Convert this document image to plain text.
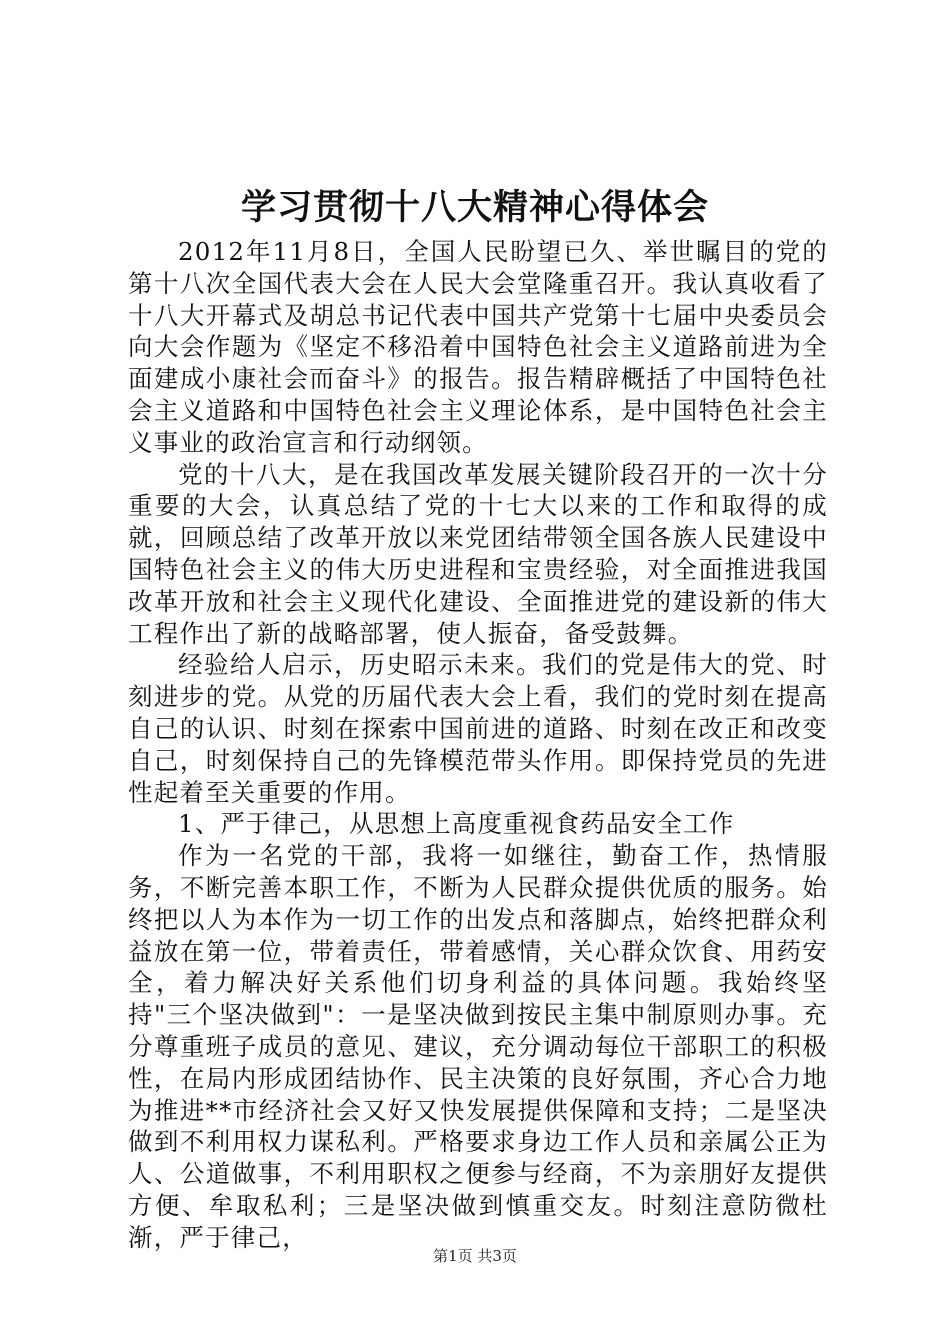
学习贯彻十八大精神心得体会

2012年11月8日，全国人民盼望已久、举世瞩目的党的第十八次全国代表大会在人民大会堂隆重召开。我认真收看了十八大开幕式及胡总书记代表中国共产党第十七届中央委员会向大会作题为《坚定不移沿着中国特色社会主义道路前进为全面建成小康社会而奋斗》的报告。报告精辟概括了中国特色社会主义道路和中国特色社会主义理论体系，是中国特色社会主义事业的政治宣言和行动纲领。

党的十八大，是在我国改革发展关键阶段召开的一次十分重要的大会，认真总结了党的十七大以来的工作和取得的成就，回顾总结了改革开放以来党团结带领全国各族人民建设中国特色社会主义的伟大历史进程和宝贵经验，对全面推进我国改革开放和社会主义现代化建设、全面推进党的建设新的伟大工程作出了新的战略部署，使人振奋，备受鼓舞。

经验给人启示，历史昭示未来。我们的党是伟大的党、时刻进步的党。从党的历届代表大会上看，我们的党时刻在提高自己的认识、时刻在探索中国前进的道路、时刻在改正和改变自己，时刻保持自己的先锋模范带头作用。即保持党员的先进性起着至关重要的作用。

1、严于律己，从思想上高度重视食药品安全工作

作为一名党的干部，我将一如继往，勤奋工作，热情服务，不断完善本职工作，不断为人民群众提供优质的服务。始终把以人为本作为一切工作的出发点和落脚点，始终把群众利益放在第一位，带着责任，带着感情，关心群众饮食、用药安全，着力解决好关系他们切身利益的具体问题。我始终坚持"三个坚决做到"：一是坚决做到按民主集中制原则办事。充分尊重班子成员的意见、建议，充分调动每位干部职工的积极性，在局内形成团结协作、民主决策的良好氛围，齐心合力地为推进**市经济社会又好又快发展提供保障和支持；二是坚决做到不利用权力谋私利。严格要求身边工作人员和亲属公正为人、公道做事，不利用职权之便参与经商，不为亲朋好友提供方便、牟取私利；三是坚决做到慎重交友。时刻注意防微杜渐，严于律己，

第1页 共3页
